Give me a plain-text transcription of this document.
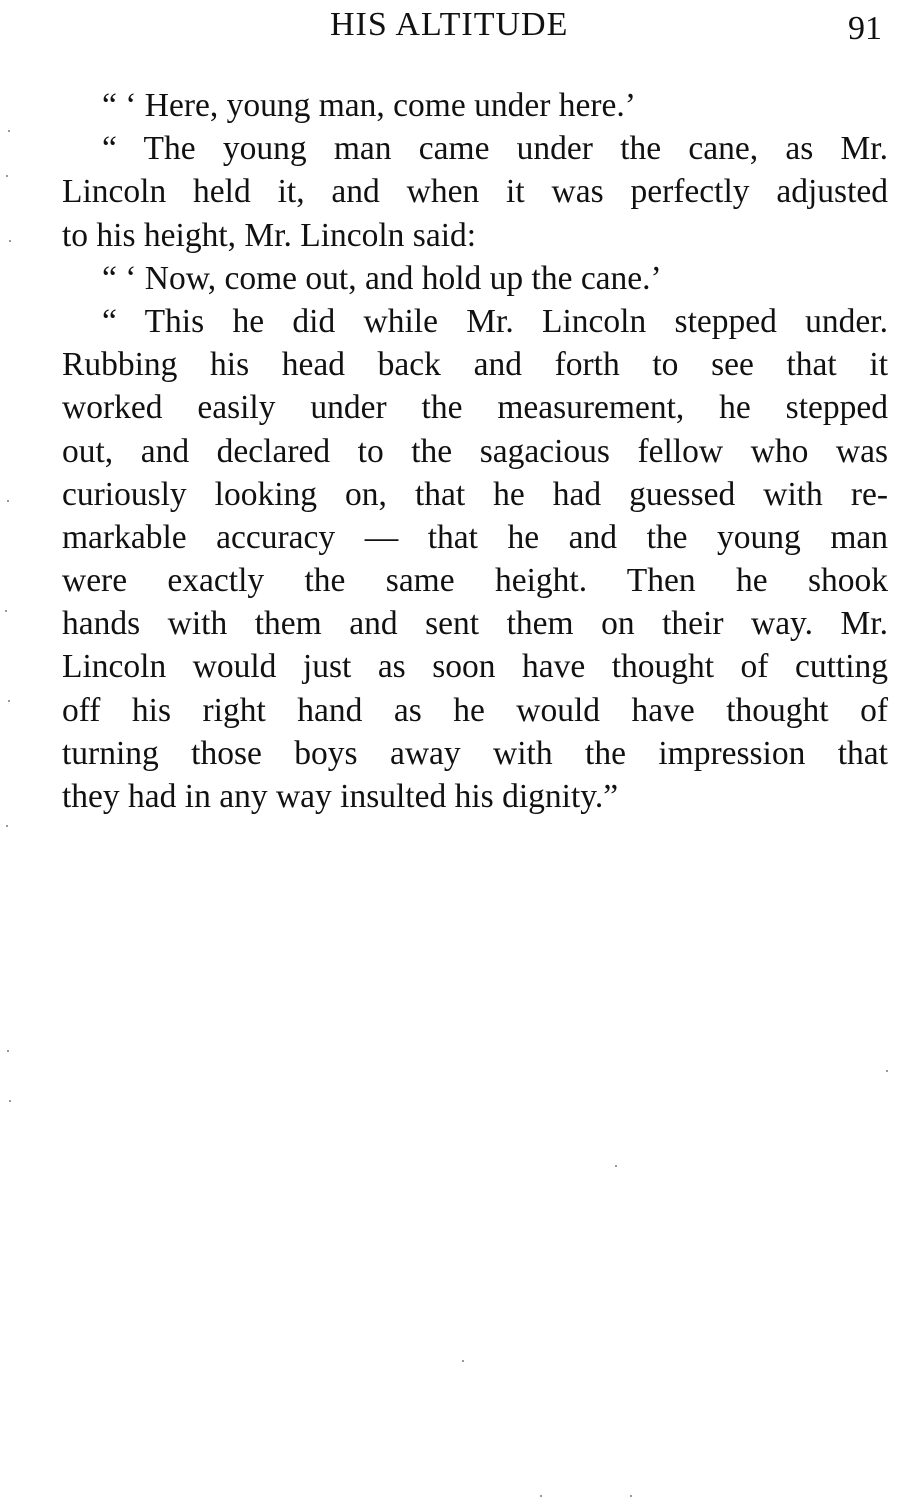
HIS ALTITUDE	91
“ ‘ Here, young man, come under here.’
“ The young man came under the cane, as Mr.
Lincoln held it, and when it was perfectly adjusted
to his height, Mr. Lincoln said:
“ ‘ Now, come out, and hold up the cane.’
“ This he did while Mr. Lincoln stepped under.
Rubbing his head back and forth to see that it
worked easily under the measurement, he stepped
out, and declared to the sagacious fellow who was
curiously looking on, that he had guessed with re-
markable accuracy — that he and the young man
were exactly the same height. Then he shook
hands with them and sent them on their way. Mr.
Lincoln would just as soon have thought of cutting
off his right hand as he would have thought of
turning those boys away with the impression that
they had in any way insulted his dignity.”
